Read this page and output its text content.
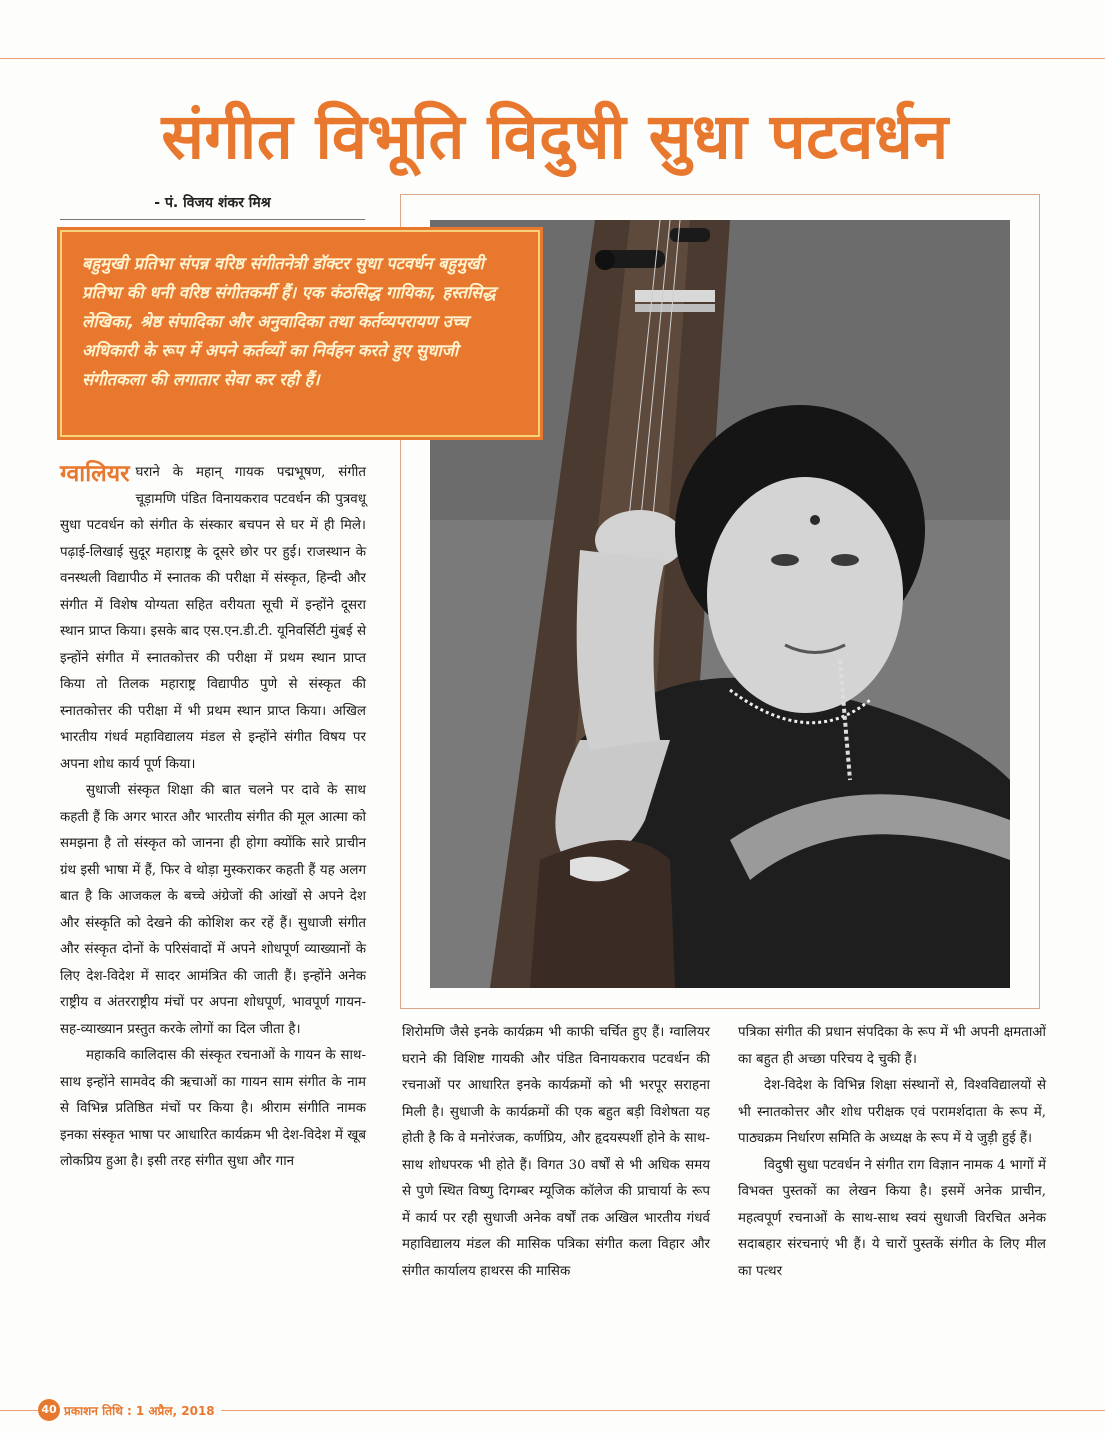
संगीत विभूति विदुषी सुधा पटवर्धन
- पं. विजय शंकर मिश्र

बहुमुखी प्रतिभा संपन्न वरिष्ठ संगीतनेत्री डॉक्टर सुधा पटवर्धन बहुमुखी प्रतिभा की धनी वरिष्ठ संगीतकर्मी हैं। एक कंठसिद्ध गायिका, हस्तसिद्ध लेखिका, श्रेष्ठ संपादिका और अनुवादिका तथा कर्तव्यपरायण उच्च अधिकारी के रूप में अपने कर्तव्यों का निर्वहन करते हुए सुधाजी संगीतकला की लगातार सेवा कर रही हैं।

ग्वालियर घराने के महान् गायक पद्मभूषण, संगीत चूड़ामणि पंडित विनायकराव पटवर्धन की पुत्रवधू सुधा पटवर्धन को संगीत के संस्कार बचपन से घर में ही मिले। पढ़ाई-लिखाई सुदूर महाराष्ट्र के दूसरे छोर पर हुई। राजस्थान के वनस्थली विद्यापीठ में स्नातक की परीक्षा में संस्कृत, हिन्दी और संगीत में विशेष योग्यता सहित वरीयता सूची में इन्होंने दूसरा स्थान प्राप्त किया। इसके बाद एस.एन.डी.टी. यूनिवर्सिटी मुंबई से इन्होंने संगीत में स्नातकोत्तर की परीक्षा में प्रथम स्थान प्राप्त किया तो तिलक महाराष्ट्र विद्यापीठ पुणे से संस्कृत की स्नातकोत्तर की परीक्षा में भी प्रथम स्थान प्राप्त किया। अखिल भारतीय गंधर्व महाविद्यालय मंडल से इन्होंने संगीत विषय पर अपना शोध कार्य पूर्ण किया।

सुधाजी संस्कृत शिक्षा की बात चलने पर दावे के साथ कहती हैं कि अगर भारत और भारतीय संगीत की मूल आत्मा को समझना है तो संस्कृत को जानना ही होगा क्योंकि सारे प्राचीन ग्रंथ इसी भाषा में हैं, फिर वे थोड़ा मुस्कराकर कहती हैं यह अलग बात है कि आजकल के बच्चे अंग्रेजों की आंखों से अपने देश और संस्कृति को देखने की कोशिश कर रहें हैं। सुधाजी संगीत और संस्कृत दोनों के परिसंवादों में अपने शोधपूर्ण व्याख्यानों के लिए देश-विदेश में सादर आमंत्रित की जाती हैं। इन्होंने अनेक राष्ट्रीय व अंतरराष्ट्रीय मंचों पर अपना शोधपूर्ण, भावपूर्ण गायन-सह-व्याख्यान प्रस्तुत करके लोगों का दिल जीता है।

महाकवि कालिदास की संस्कृत रचनाओं के गायन के साथ-साथ इन्होंने सामवेद की ऋचाओं का गायन साम संगीत के नाम से विभिन्न प्रतिष्ठित मंचों पर किया है। श्रीराम संगीति नामक इनका संस्कृत भाषा पर आधारित कार्यक्रम भी देश-विदेश में खूब लोकप्रिय हुआ है। इसी तरह संगीत सुधा और गान

शिरोमणि जैसे इनके कार्यक्रम भी काफी चर्चित हुए हैं। ग्वालियर घराने की विशिष्ट गायकी और पंडित विनायकराव पटवर्धन की रचनाओं पर आधारित इनके कार्यक्रमों को भी भरपूर सराहना मिली है। सुधाजी के कार्यक्रमों की एक बहुत बड़ी विशेषता यह होती है कि वे मनोरंजक, कर्णप्रिय, और हृदयस्पर्शी होने के साथ-साथ शोधपरक भी होते हैं। विगत 30 वर्षों से भी अधिक समय से पुणे स्थित विष्णु दिगम्बर म्यूजिक कॉलेज की प्राचार्या के रूप में कार्य पर रही सुधाजी अनेक वर्षों तक अखिल भारतीय गंधर्व महाविद्यालय मंडल की मासिक पत्रिका संगीत कला विहार और संगीत कार्यालय हाथरस की मासिक

पत्रिका संगीत की प्रधान संपदिका के रूप में भी अपनी क्षमताओं का बहुत ही अच्छा परिचय दे चुकी हैं।

देश-विदेश के विभिन्न शिक्षा संस्थानों से, विश्वविद्यालयों से भी स्नातकोत्तर और शोध परीक्षक एवं परामर्शदाता के रूप में, पाठ्यक्रम निर्धारण समिति के अध्यक्ष के रूप में ये जुड़ी हुई हैं।

विदुषी सुधा पटवर्धन ने संगीत राग विज्ञान नामक 4 भागों में विभक्त पुस्तकों का लेखन किया है। इसमें अनेक प्राचीन, महत्वपूर्ण रचनाओं के साथ-साथ स्वयं सुधाजी विरचित अनेक सदाबहार संरचनाएं भी हैं। ये चारों पुस्तकें संगीत के लिए मील का पत्थर

40 प्रकाशन तिथि : 1 अप्रैल, 2018
